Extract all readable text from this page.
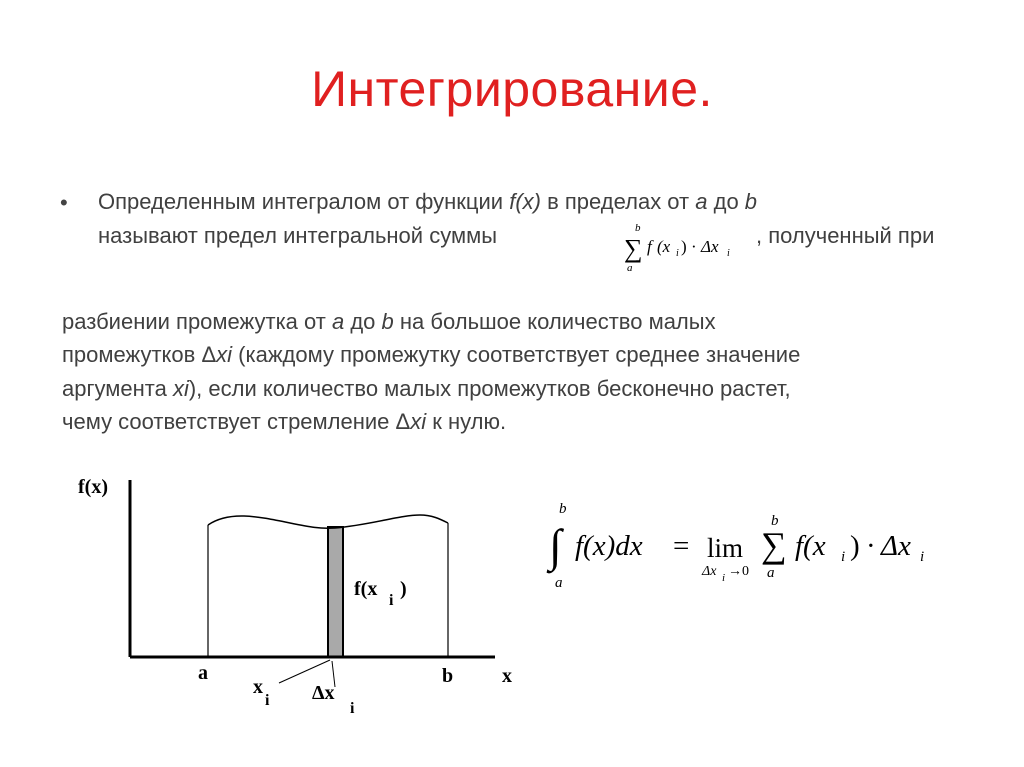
Интегрирование.
• Определенным интегралом от функции f(x) в пределах от a до b
называют предел интегральной суммы	b
∑
a
f (x i ) · Δx i
, полученный при
разбиении промежутка от a до b на большое количество малых
промежутков Δxi (каждому промежутку соответствует среднее значение
аргумента xi), если количество малых промежутков бесконечно растет,
чему соответствует стремление Δxi к нулю.
f(x)
x
a	b
f(x
i
)
x
i Δx
i
b
∫
a
f(x)dx = lim
Δx i →0
b
∑
a
f(x i ) · Δx i
